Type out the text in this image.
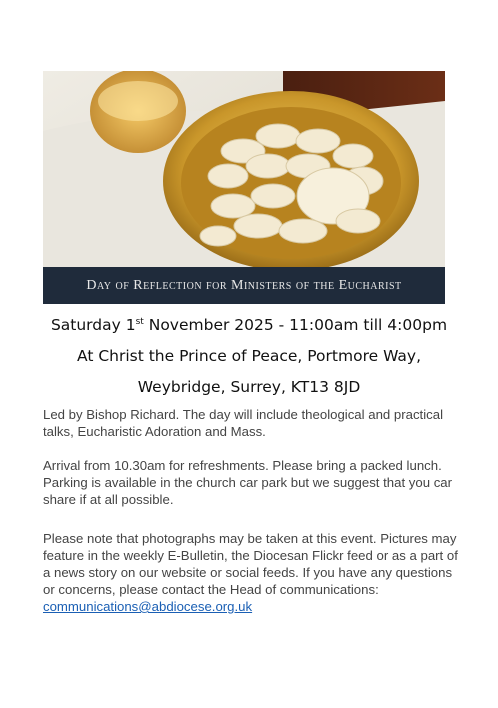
Day of Reflection for Ministers of the Eucharist
Saturday 1st November 2025 - 11:00am till 4:00pm
At Christ the Prince of Peace, Portmore Way,
Weybridge, Surrey, KT13 8JD

Led by Bishop Richard. The day will include theological and practical talks, Eucharistic Adoration and Mass.

Arrival from 10.30am for refreshments. Please bring a packed lunch. Parking is available in the church car park but we suggest that you car share if at all possible.

Please note that photographs may be taken at this event. Pictures may feature in the weekly E-Bulletin, the Diocesan Flickr feed or as a part of a news story on our website or social feeds. If you have any questions or concerns, please contact the Head of communications:

communications@abdiocese.org.uk
